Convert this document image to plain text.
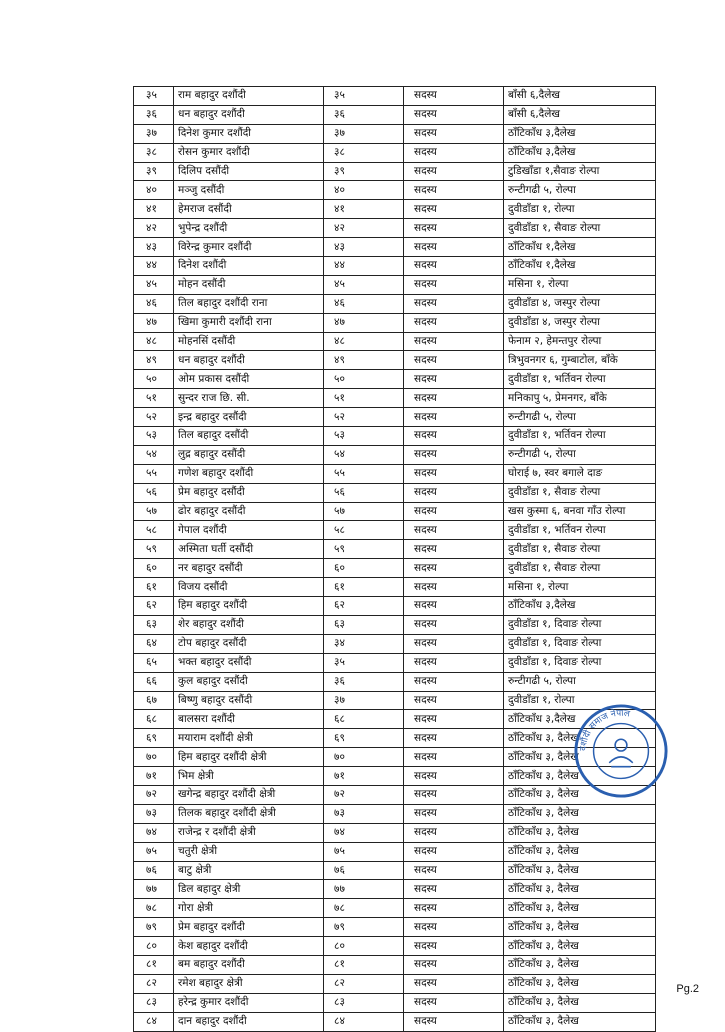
३५	राम बहादुर दशौंदी	३५	सदस्य	बाँसी ६,दैलेख
३६	धन बहादुर दशौंदी	३६	सदस्य	बाँसी ६,दैलेख
३७	दिनेश कुमार दशौंदी	३७	सदस्य	ठाँटिकाँध ३,दैलेख
३८	रोसन कुमार दशौंदी	३८	सदस्य	ठाँटिकाँध ३,दैलेख
३९	दिलिप दसौंदी	३९	सदस्य	टुडिखाँडा १,सैवाङ रोल्पा
४०	मञ्जु दसौंदी	४०	सदस्य	रुन्टीगढी ५, रोल्पा
४१	हेमराज दसौंदी	४१	सदस्य	दुवीडाँडा १, रोल्पा
४२	भुपेन्द्र दशौंदी	४२	सदस्य	दुवीडाँडा १, सैवाङ रोल्पा
४३	विरेन्द्र कुमार दशौंदी	४३	सदस्य	ठाँटिकाँध १,दैलेख
४४	दिनेश दशौंदी	४४	सदस्य	ठाँटिकाँध १,दैलेख
४५	मोहन दसौंदी	४५	सदस्य	मसिना १, रोल्पा
४६	तिल बहादुर दशौंदी राना	४६	सदस्य	दुवीडाँडा ४, जस्पुर रोल्पा
४७	खिमा कुमारी दशौंदी राना	४७	सदस्य	दुवीडाँडा ४, जस्पुर रोल्पा
४८	मोहनसिं दसौंदी	४८	सदस्य	फेनाम २, हेमन्तपुर रोल्पा
४९	धन बहादुर दशौंदी	४९	सदस्य	त्रिभुवनगर ६, गुम्बाटोल, बाँके
५०	ओम प्रकास दसौंदी	५०	सदस्य	दुवीडाँडा १, भर्तिवन रोल्पा
५१	सुन्दर राज छि. सी.	५१	सदस्य	मनिकापु ५, प्रेमनगर, बाँके
५२	इन्द्र बहादुर दसौंदी	५२	सदस्य	रुन्टीगढी ५, रोल्पा
५३	तिल बहादुर दसौंदी	५३	सदस्य	दुवीडाँडा १, भर्तिवन रोल्पा
५४	लुद्र बहादुर दसौंदी	५४	सदस्य	रुन्टीगढी ५, रोल्पा
५५	गणेश बहादुर दशौंदी	५५	सदस्य	घोराई ७, स्वर बगाले दाङ
५६	प्रेम बहादुर दसौंदी	५६	सदस्य	दुवीडाँडा १, सैवाङ रोल्पा
५७	ढोर बहादुर दसौंदी	५७	सदस्य	खस कुस्मा ६, बनवा गाँउ रोल्पा
५८	गेपाल दशौंदी	५८	सदस्य	दुवीडाँडा १, भर्तिवन रोल्पा
५९	अस्मिता घर्ती दसौंदी	५९	सदस्य	दुवीडाँडा १, सैवाङ रोल्पा
६०	नर बहादुर दसौंदी	६०	सदस्य	दुवीडाँडा १, सैवाङ रोल्पा
६१	विजय दसौंदी	६१	सदस्य	मसिना १, रोल्पा
६२	हिम बहादुर दशौंदी	६२	सदस्य	ठाँटिकाँध ३,दैलेख
६३	शेर बहादुर दशौंदी	६३	सदस्य	दुवीडाँडा १, दिवाङ रोल्पा
६४	टोप बहादुर दसौंदी	३४	सदस्य	दुवीडाँडा १, दिवाङ रोल्पा
६५	भक्त बहादुर दसौंदी	३५	सदस्य	दुवीडाँडा १, दिवाङ रोल्पा
६६	कुल बहादुर दसौंदी	३६	सदस्य	रुन्टीगढी ५, रोल्पा
६७	बिष्णु बहादुर दसौंदी	३७	सदस्य	दुवीडाँडा १, रोल्पा
६८	बालसरा दशौंदी	६८	सदस्य	ठाँटिकाँध ३,दैलेख
६९	मयाराम दशौंदी क्षेत्री	६९	सदस्य	ठाँटिकाँध ३, दैलेख
७०	हिम बहादुर दशौंदी क्षेत्री	७०	सदस्य	ठाँटिकाँध ३, दैलेख
७१	भिम क्षेत्री	७१	सदस्य	ठाँटिकाँध ३, दैलेख
७२	खगेन्द्र बहादुर दशौंदी क्षेत्री	७२	सदस्य	ठाँटिकाँध ३, दैलेख
७३	तिलक बहादुर दशौंदी क्षेत्री	७३	सदस्य	ठाँटिकाँध ३, दैलेख
७४	राजेन्द्र र दशौंदी क्षेत्री	७४	सदस्य	ठाँटिकाँध ३, दैलेख
७५	चतुरी क्षेत्री	७५	सदस्य	ठाँटिकाँध ३, दैलेख
७६	बाटु क्षेत्री	७६	सदस्य	ठाँटिकाँध ३, दैलेख
७७	डिल बहादुर क्षेत्री	७७	सदस्य	ठाँटिकाँध ३, दैलेख
७८	गोरा क्षेत्री	७८	सदस्य	ठाँटिकाँध ३, दैलेख
७९	प्रेम बहादुर दशौंदी	७९	सदस्य	ठाँटिकाँध ३, दैलेख
८०	केश बहादुर दशौंदी	८०	सदस्य	ठाँटिकाँध ३, दैलेख
८१	बम बहादुर दशौंदी	८१	सदस्य	ठाँटिकाँध ३, दैलेख
८२	रमेश बहादुर क्षेत्री	८२	सदस्य	ठाँटिकाँध ३, दैलेख
८३	हरेन्द्र कुमार दशौंदी	८३	सदस्य	ठाँटिकाँध ३, दैलेख
८४	दान बहादुर दशौंदी	८४	सदस्य	ठाँटिकाँध ३, दैलेख
दशौंदी समाज नेपाल
Pg.2
